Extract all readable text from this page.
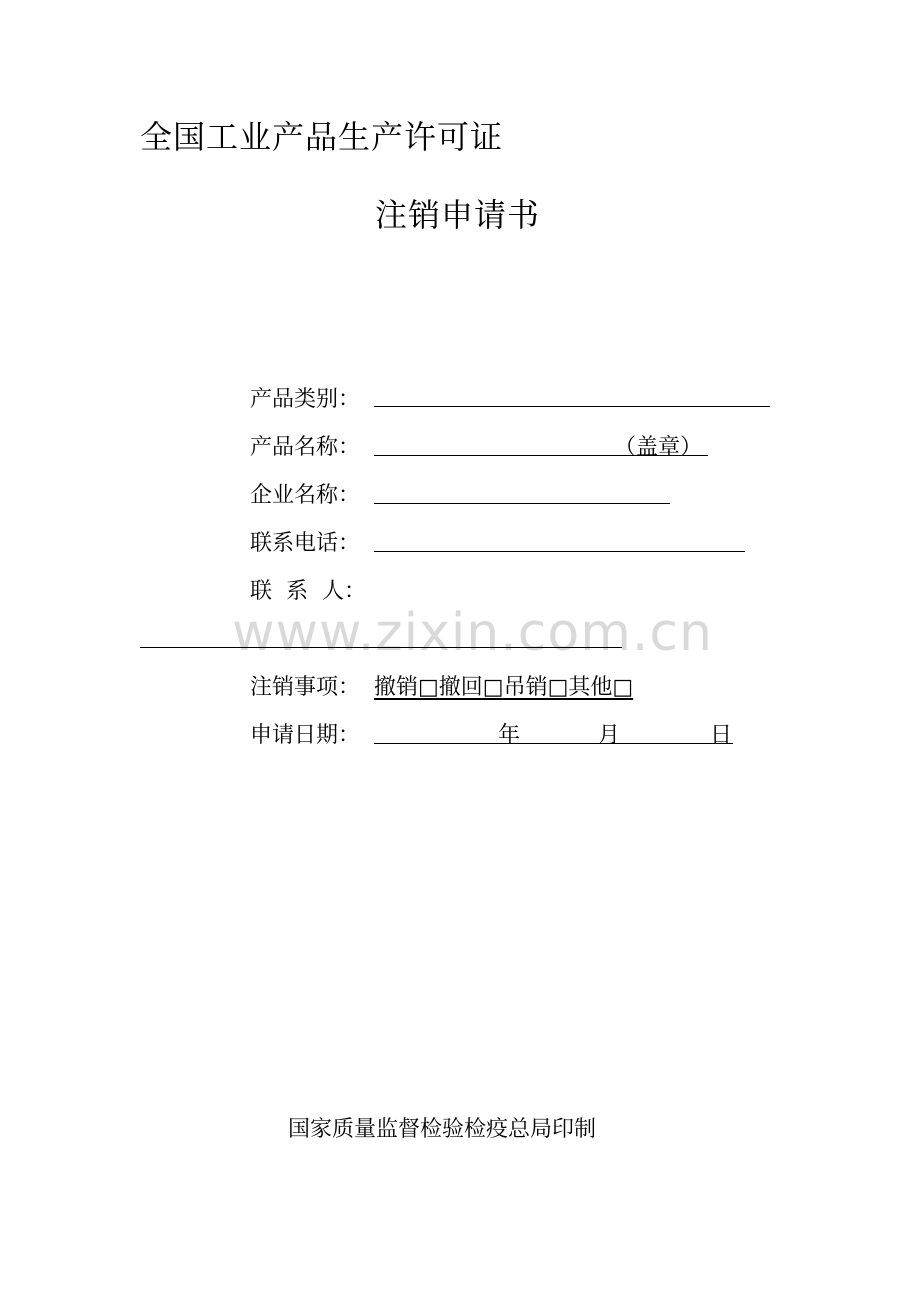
全国工业产品生产许可证
注销申请书
产品类别：
产品名称：	（盖章）
企业名称：
联系电话：
联  系  人：
www.zixin.com.cn
注销事项： 撤销□撤回□吊销□其他□
申请日期：	年	月	日
国家质量监督检验检疫总局印制
